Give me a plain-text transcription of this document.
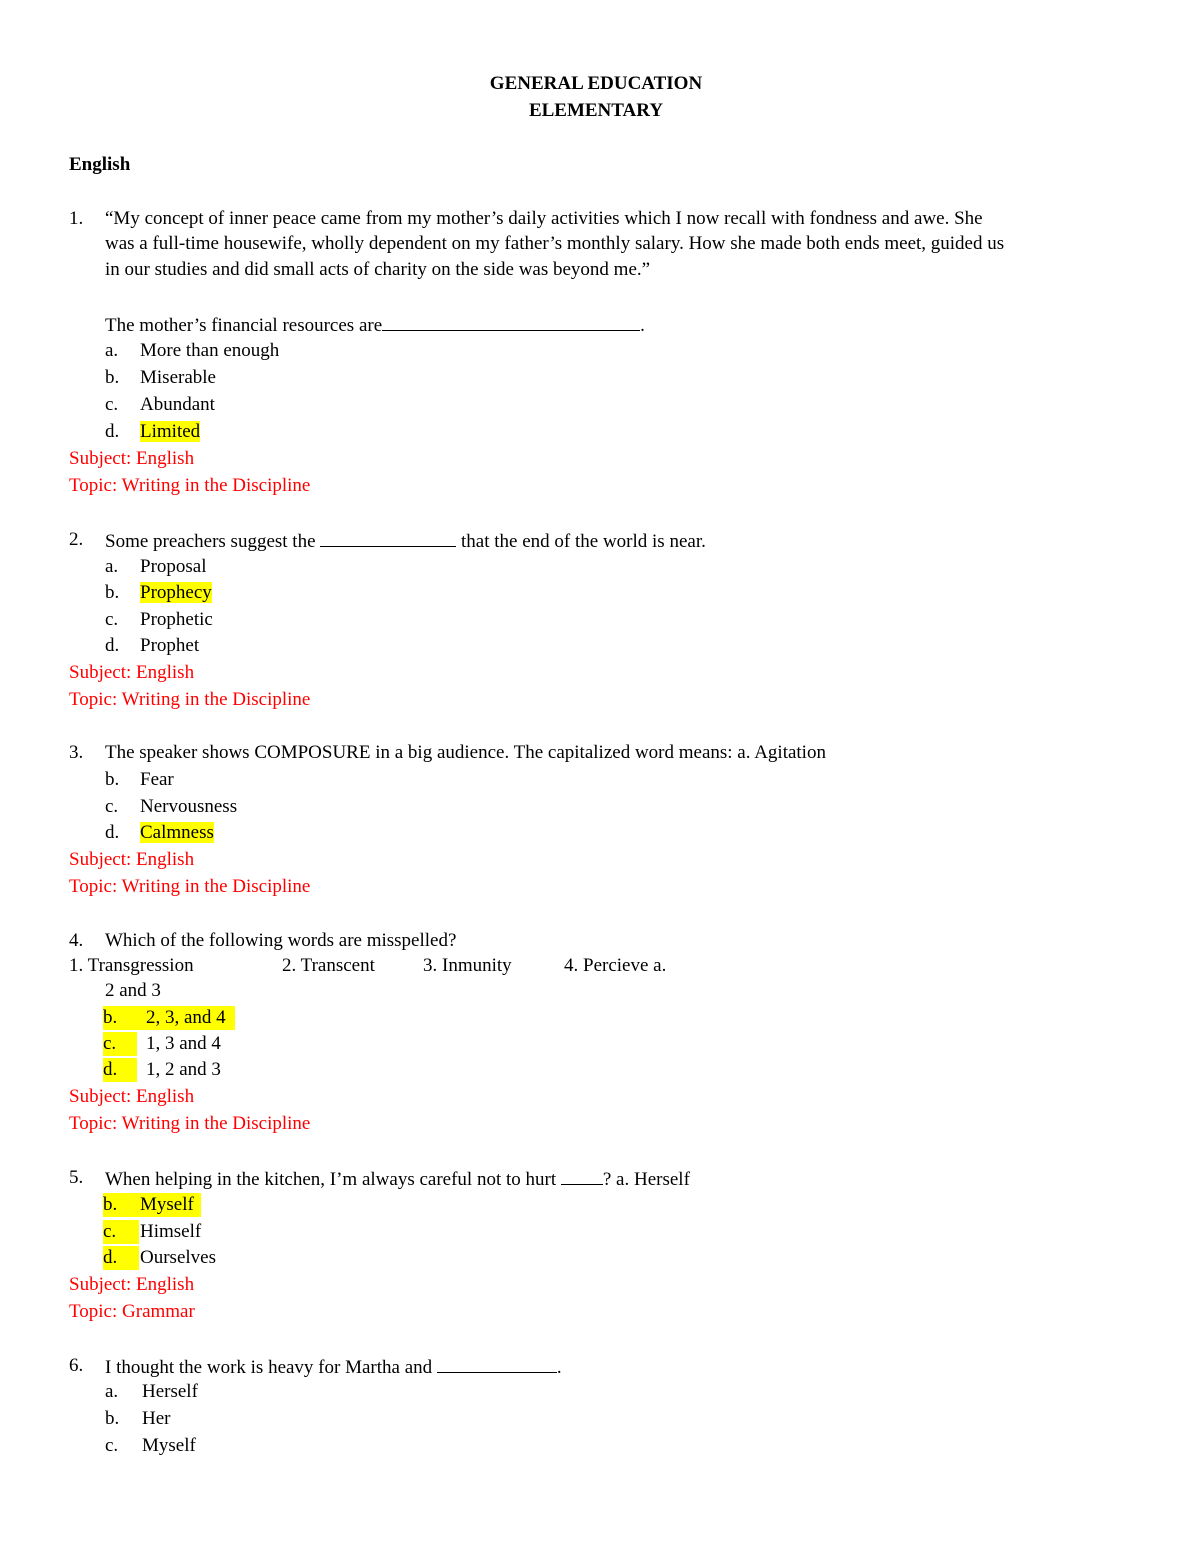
GENERAL EDUCATION
ELEMENTARY
English
1. “My concept of inner peace came from my mother’s daily activities which I now recall with fondness and awe. She
was a full-time housewife, wholly dependent on my father’s monthly salary. How she made both ends meet, guided us
in our studies and did small acts of charity on the side was beyond me.”
The mother’s financial resources are	.
a. More than enough
b. Miserable
c. Abundant
d. Limited
Subject: English
Topic: Writing in the Discipline
2. Some preachers suggest the	that the end of the world is near.
a. Proposal
b. Prophecy
c. Prophetic
d. Prophet
Subject: English
Topic: Writing in the Discipline
3. The speaker shows COMPOSURE in a big audience. The capitalized word means: a. Agitation
b. Fear
c. Nervousness
d. Calmness
Subject: English
Topic: Writing in the Discipline
4. Which of the following words are misspelled?
1. Transgression	2. Transcent	3. Inmunity	4. Percieve a.
2 and 3
b. 2, 3, and 4
c.	1, 3 and 4
d.	1, 2 and 3
Subject: English
Topic: Writing in the Discipline
5. When helping in the kitchen, I’m always careful not to hurt ? a. Herself
b. Myself
c.	Himself
d.	Ourselves
Subject: English
Topic: Grammar
6. I thought the work is heavy for Martha and	.
a. Herself
b. Her
c. Myself
